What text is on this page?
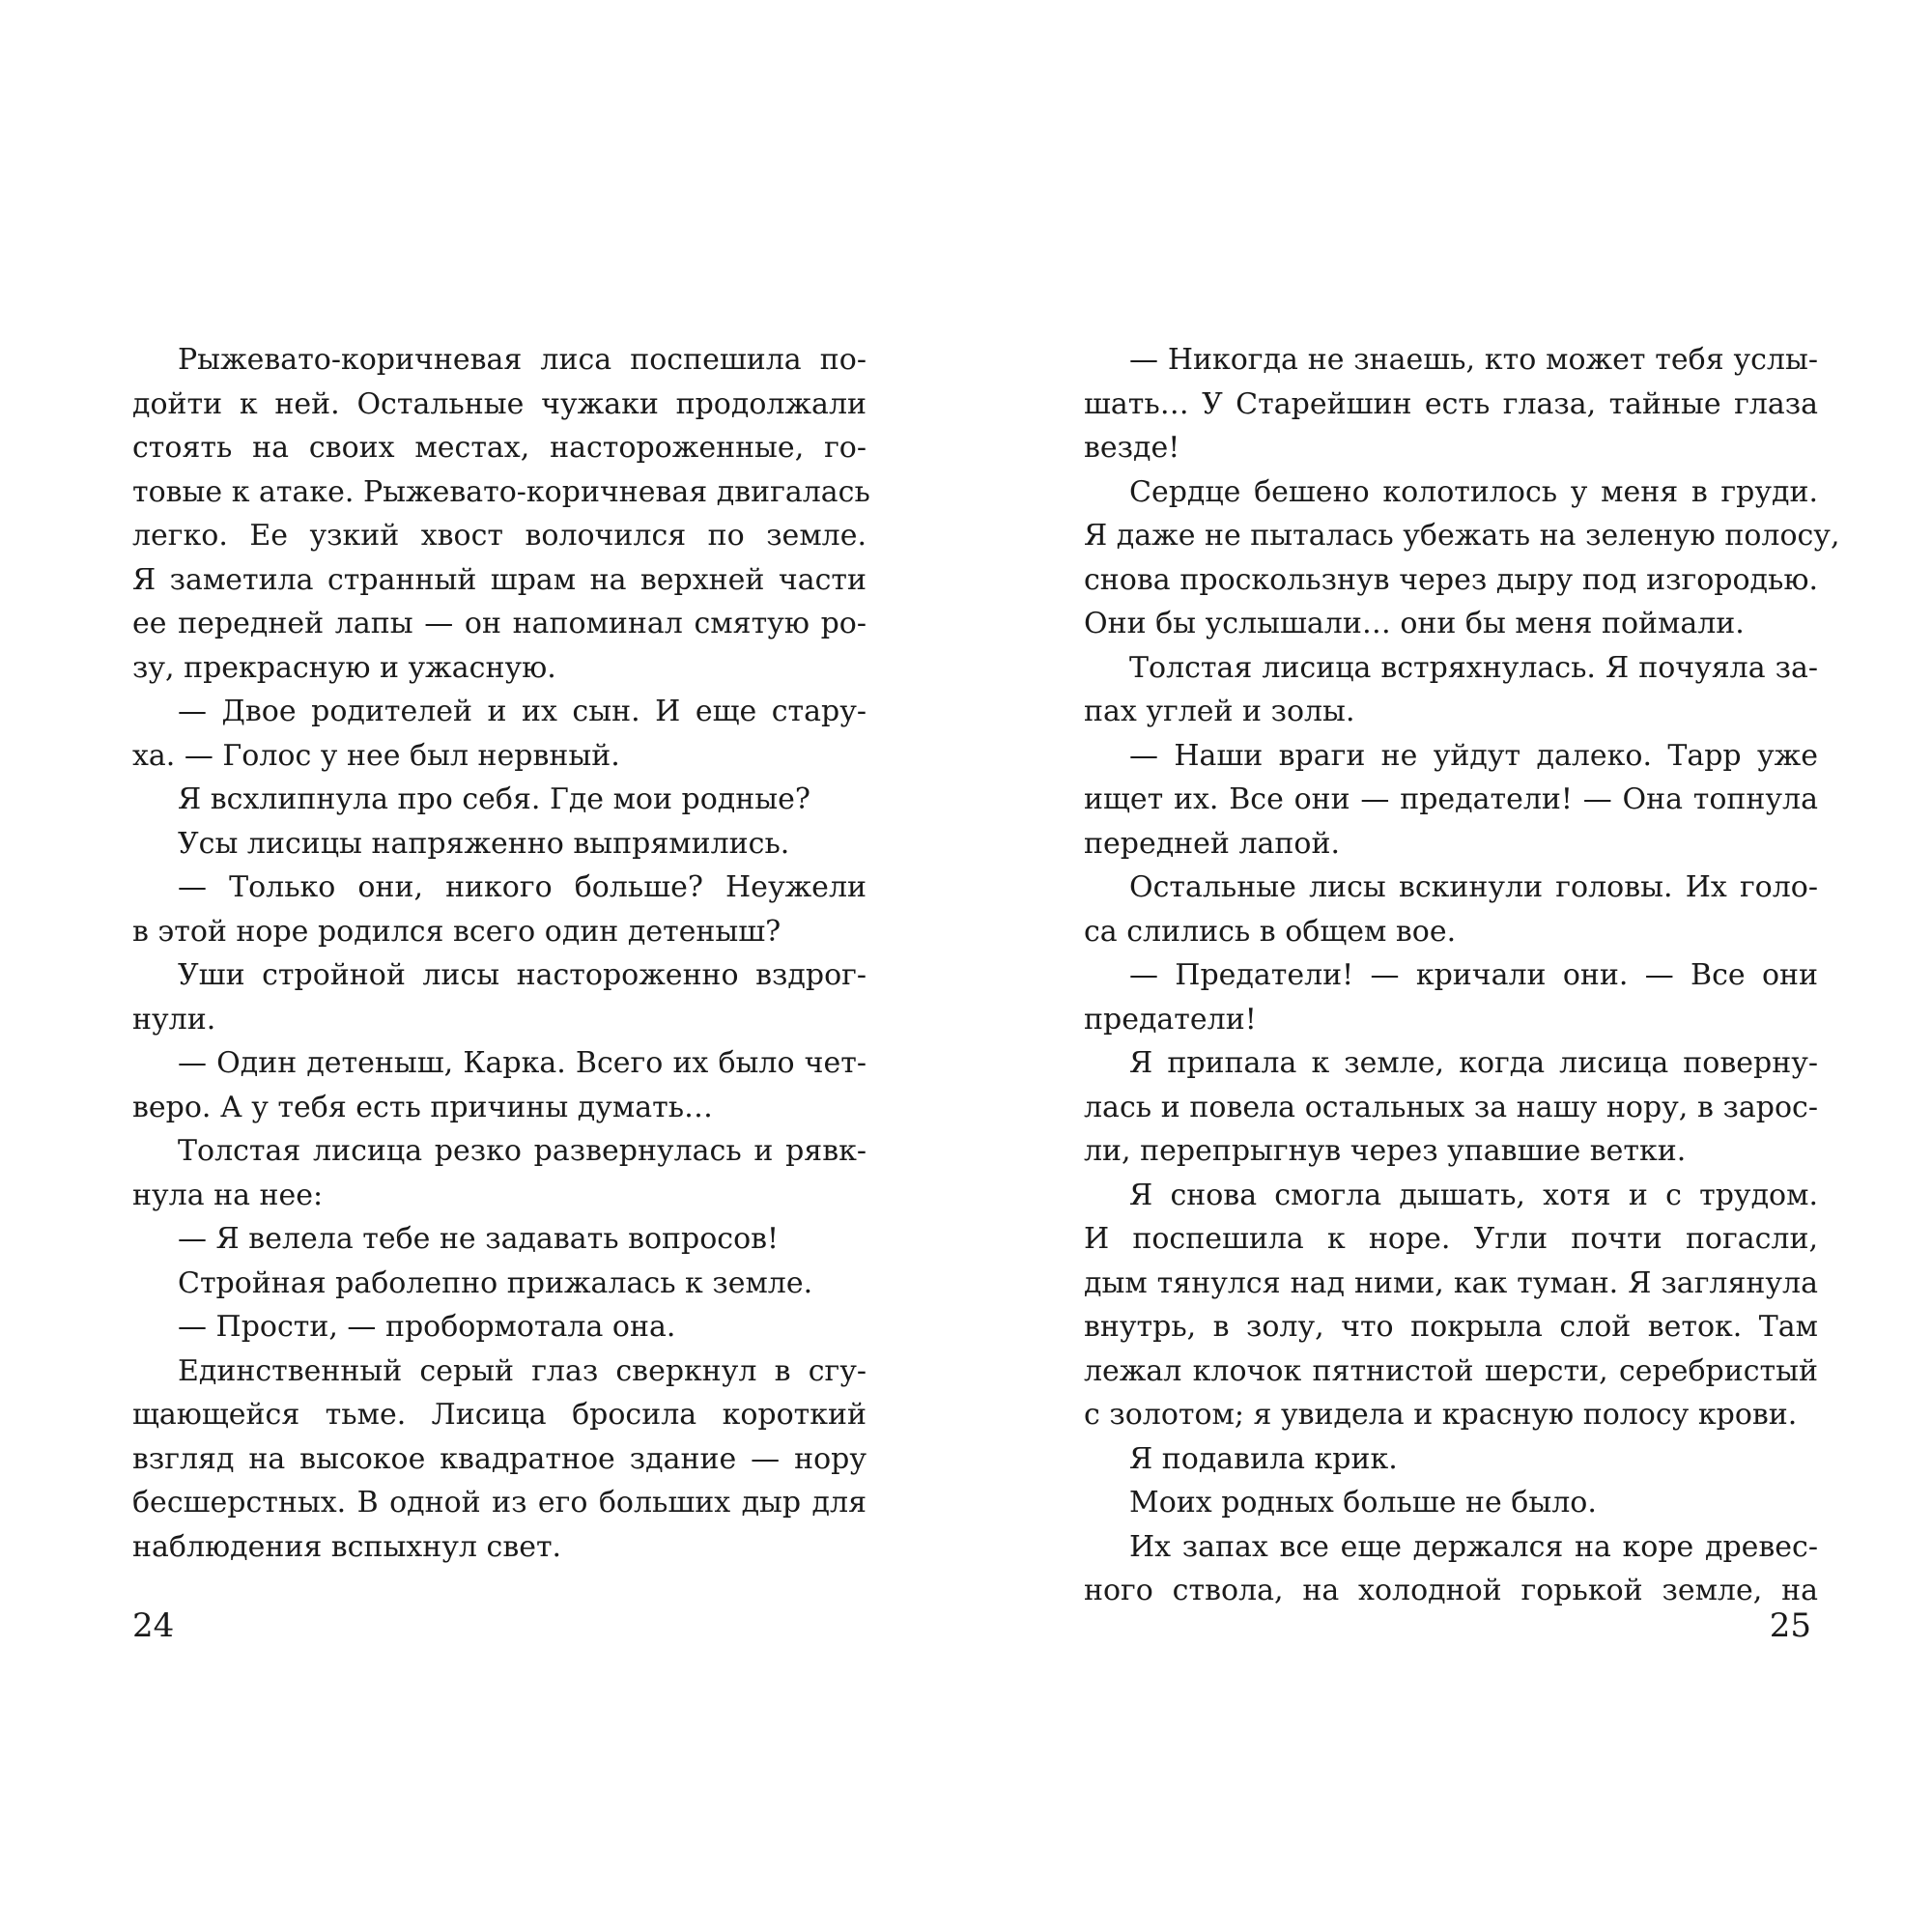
Рыжевато-коричневая лиса поспешила по-
дойти к ней. Остальные чужаки продолжали
стоять на своих местах, настороженные, го-
товые к атаке. Рыжевато-коричневая двигалась
легко. Ее узкий хвост волочился по земле.
Я заметила странный шрам на верхней части
ее передней лапы — он напоминал смятую ро-
зу, прекрасную и ужасную.
— Двое родителей и их сын. И еще стару-
ха. — Голос у нее был нервный.
Я всхлипнула про себя. Где мои родные?
Усы лисицы напряженно выпрямились.
— Только они, никого больше? Неужели
в этой норе родился всего один детеныш?
Уши стройной лисы настороженно вздрог-
нули.
— Один детеныш, Карка. Всего их было чет-
веро. А у тебя есть причины думать…
Толстая лисица резко развернулась и рявк-
нула на нее:
— Я велела тебе не задавать вопросов!
Стройная раболепно прижалась к земле.
— Прости, — пробормотала она.
Единственный серый глаз сверкнул в сгу-
щающейся тьме. Лисица бросила короткий
взгляд на высокое квадратное здание — нору
бесшерстных. В одной из его больших дыр для
наблюдения вспыхнул свет.
24
— Никогда не знаешь, кто может тебя услы-
шать… У Старейшин есть глаза, тайные глаза
везде!
Сердце бешено колотилось у меня в груди.
Я даже не пыталась убежать на зеленую полосу,
снова проскользнув через дыру под изгородью.
Они бы услышали… они бы меня поймали.
Толстая лисица встряхнулась. Я почуяла за-
пах углей и золы.
— Наши враги не уйдут далеко. Тарр уже
ищет их. Все они — предатели! — Она топнула
передней лапой.
Остальные лисы вскинули головы. Их голо-
са слились в общем вое.
— Предатели! — кричали они. — Все они
предатели!
Я припала к земле, когда лисица поверну-
лась и повела остальных за нашу нору, в зарос-
ли, перепрыгнув через упавшие ветки.
Я снова смогла дышать, хотя и с трудом.
И поспешила к норе. Угли почти погасли,
дым тянулся над ними, как туман. Я заглянула
внутрь, в золу, что покрыла слой веток. Там
лежал клочок пятнистой шерсти, серебристый
с золотом; я увидела и красную полосу крови.
Я подавила крик.
Моих родных больше не было.
Их запах все еще держался на коре древес-
ного ствола, на холодной горькой земле, на
25
